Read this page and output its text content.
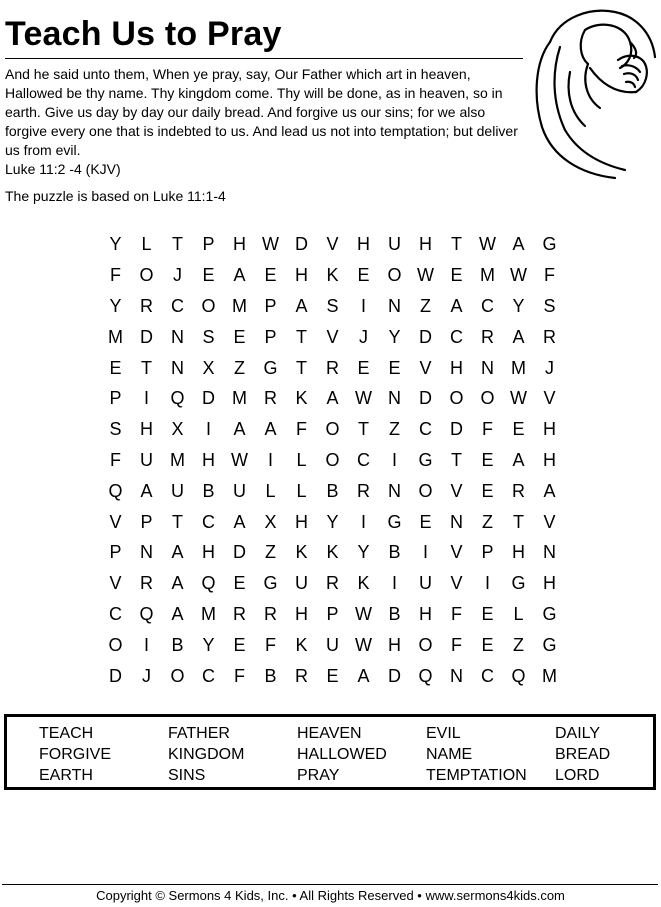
Teach Us to Pray
And he said unto them, When ye pray, say, Our Father which art in heaven, Hallowed be thy name. Thy kingdom come. Thy will be done, as in heaven, so in earth. Give us day by day our daily bread. And forgive us our sins; for we also forgive every one that is indebted to us. And lead us not into temptation; but deliver us from evil.
Luke 11:2 -4 (KJV)
The puzzle is based on Luke 11:1-4
Y	L	T	P	H W D	V	H	U	H	T W A G
F	O	J	E	A	E	H	K	E O W E M W F
Y	R	C O M P	A	S	I	N	Z	A	C	Y	S
M D	N	S	E	P	T	V	J	Y	D	C	R	A	R
E	T	N	X	Z	G	T	R	E	E	V	H	N M	J
P	I	Q D M R	K	A W N	D O O W V
S	H	X	I	A	A	F	O	T	Z	C	D	F	E	H
F	U M H W	I	L	O C	I	G	T	E	A	H
Q A	U	B	U	L	L	B	R	N O V	E	R	A
V	P	T	C	A	X	H	Y	I	G E	N	Z	T	V
P	N	A	H	D	Z	K	K	Y	B	I	V	P	H	N
V	R	A Q E G U	R	K	I	U	V	I	G H
C Q A M R	R	H	P W B	H	F	E	L	G
O	I	B	Y	E	F	K	U W H O	F	E	Z	G
D	J	O C	F	B	R	E	A	D Q N	C Q M
TEACH	FATHER	HEAVEN	EVIL	DAILY
FORGIVE	KINGDOM	HALLOWED	NAME	BREAD
EARTH	SINS	PRAY	TEMPTATION	LORD
Copyright © Sermons 4 Kids, Inc. • All Rights Reserved • www.sermons4kids.com
